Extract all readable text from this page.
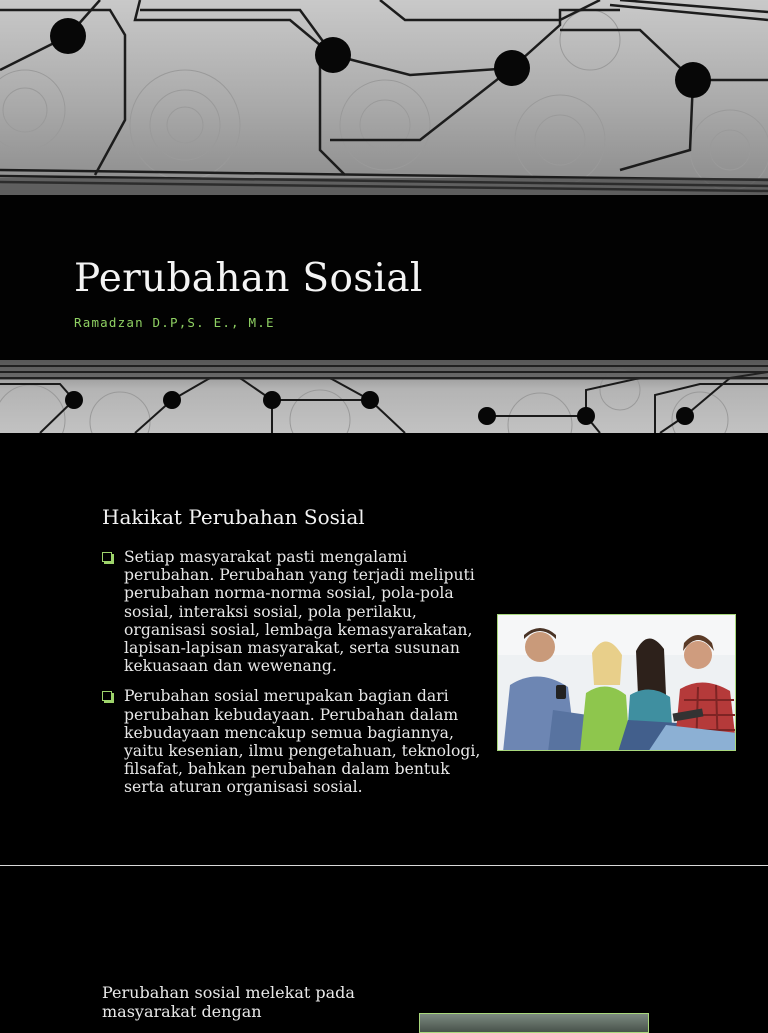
Perubahan Sosial
Ramadzan D.P,S. E., M.E
Hakikat Perubahan Sosial
Setiap masyarakat pasti mengalami perubahan. Perubahan yang terjadi meliputi perubahan norma-norma sosial, pola-pola sosial, interaksi sosial, pola perilaku, organisasi sosial, lembaga kemasyarakatan, lapisan-lapisan masyarakat, serta susunan kekuasaan dan wewenang.
Perubahan sosial merupakan bagian dari perubahan kebudayaan. Perubahan dalam kebudayaan mencakup semua bagiannya, yaitu kesenian, ilmu pengetahuan, teknologi, filsafat, bahkan perubahan dalam bentuk serta aturan organisasi sosial.

Perubahan sosial melekat pada masyarakat dengan
